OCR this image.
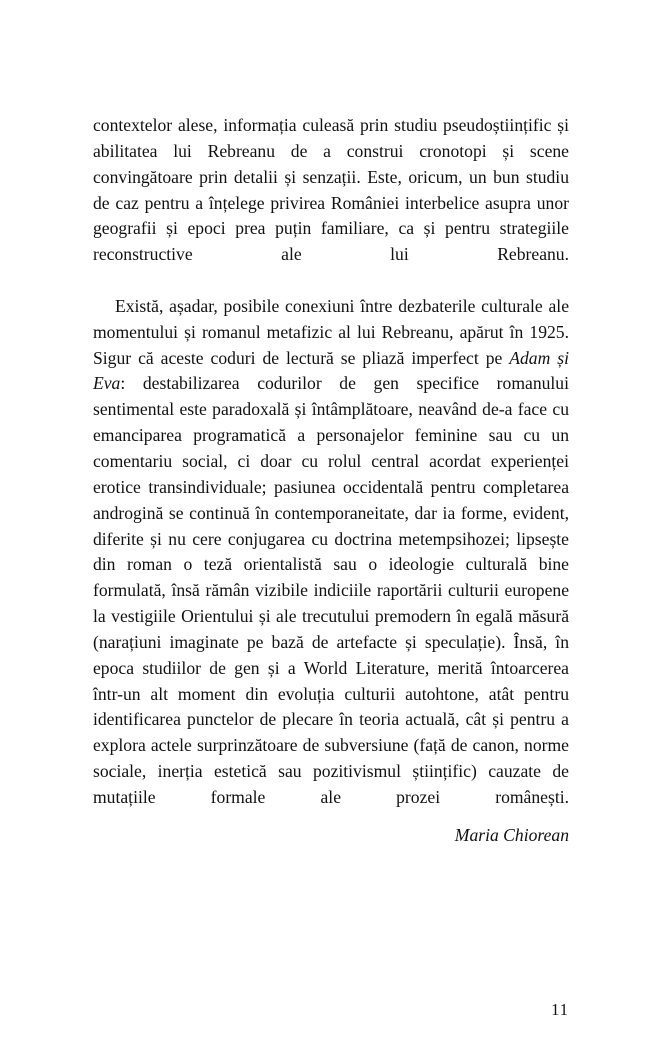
contextelor alese, informația culeasă prin studiu pseudoștiințific și abilitatea lui Rebreanu de a construi cronotopi și scene convingătoare prin detalii și senzații. Este, oricum, un bun studiu de caz pentru a înțelege privirea României interbelice asupra unor geografii și epoci prea puțin familiare, ca și pentru strategiile reconstructive ale lui Rebreanu.

Există, așadar, posibile conexiuni între dezbaterile culturale ale momentului și romanul metafizic al lui Rebreanu, apărut în 1925. Sigur că aceste coduri de lectură se pliază imperfect pe Adam și Eva: destabilizarea codurilor de gen specifice romanului sentimental este paradoxală și întâmplătoare, neavând de-a face cu emanciparea programatică a personajelor feminine sau cu un comentariu social, ci doar cu rolul central acordat experienței erotice transindividuale; pasiunea occidentală pentru completarea androgină se continuă în contemporaneitate, dar ia forme, evident, diferite și nu cere conjugarea cu doctrina metempsihozei; lipsește din roman o teză orientalistă sau o ideologie culturală bine formulată, însă rămân vizibile indiciile raportării culturii europene la vestigiile Orientului și ale trecutului premodern în egală măsură (narațiuni imaginate pe bază de artefacte și speculație). Însă, în epoca studiilor de gen și a World Literature, merită întoarcerea într-un alt moment din evoluția culturii autohtone, atât pentru identificarea punctelor de plecare în teoria actuală, cât și pentru a explora actele surprinzătoare de subversiune (față de canon, norme sociale, inerția estetică sau pozitivismul științific) cauzate de mutațiile formale ale prozei românești.

Maria Chiorean
11
